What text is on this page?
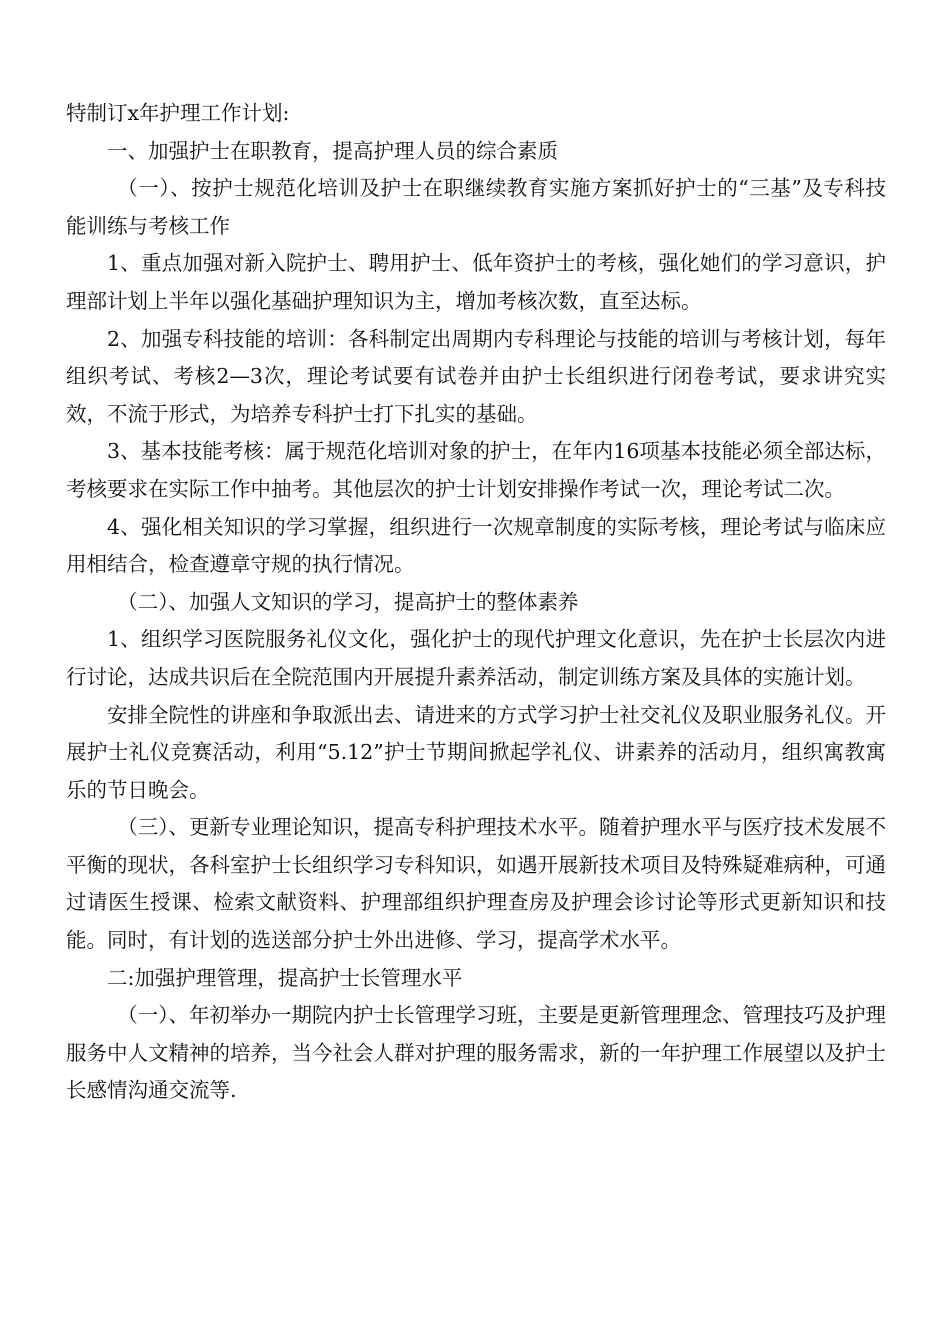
特制订x年护理工作计划:

一、加强护士在职教育，提高护理人员的综合素质

（一）、按护士规范化培训及护士在职继续教育实施方案抓好护士的“三基”及专科技能训练与考核工作

1、重点加强对新入院护士、聘用护士、低年资护士的考核，强化她们的学习意识，护理部计划上半年以强化基础护理知识为主，增加考核次数，直至达标。

2、加强专科技能的培训：各科制定出周期内专科理论与技能的培训与考核计划，每年组织考试、考核2—3次，理论考试要有试卷并由护士长组织进行闭卷考试，要求讲究实效，不流于形式，为培养专科护士打下扎实的基础。

3、基本技能考核：属于规范化培训对象的护士，在年内16项基本技能必须全部达标，考核要求在实际工作中抽考。其他层次的护士计划安排操作考试一次，理论考试二次。

4、强化相关知识的学习掌握，组织进行一次规章制度的实际考核，理论考试与临床应用相结合，检查遵章守规的执行情况。

（二）、加强人文知识的学习，提高护士的整体素养

1、组织学习医院服务礼仪文化，强化护士的现代护理文化意识，先在护士长层次内进行讨论，达成共识后在全院范围内开展提升素养活动，制定训练方案及具体的实施计划。

安排全院性的讲座和争取派出去、请进来的方式学习护士社交礼仪及职业服务礼仪。开展护士礼仪竞赛活动，利用“5.12”护士节期间掀起学礼仪、讲素养的活动月，组织寓教寓乐的节日晚会。

（三）、更新专业理论知识，提高专科护理技术水平。随着护理水平与医疗技术发展不平衡的现状，各科室护士长组织学习专科知识，如遇开展新技术项目及特殊疑难病种，可通过请医生授课、检索文献资料、护理部组织护理查房及护理会诊讨论等形式更新知识和技能。同时，有计划的选送部分护士外出进修、学习，提高学术水平。

二:加强护理管理，提高护士长管理水平

（一）、年初举办一期院内护士长管理学习班，主要是更新管理理念、管理技巧及护理服务中人文精神的培养，当今社会人群对护理的服务需求，新的一年护理工作展望以及护士长感情沟通交流等.
